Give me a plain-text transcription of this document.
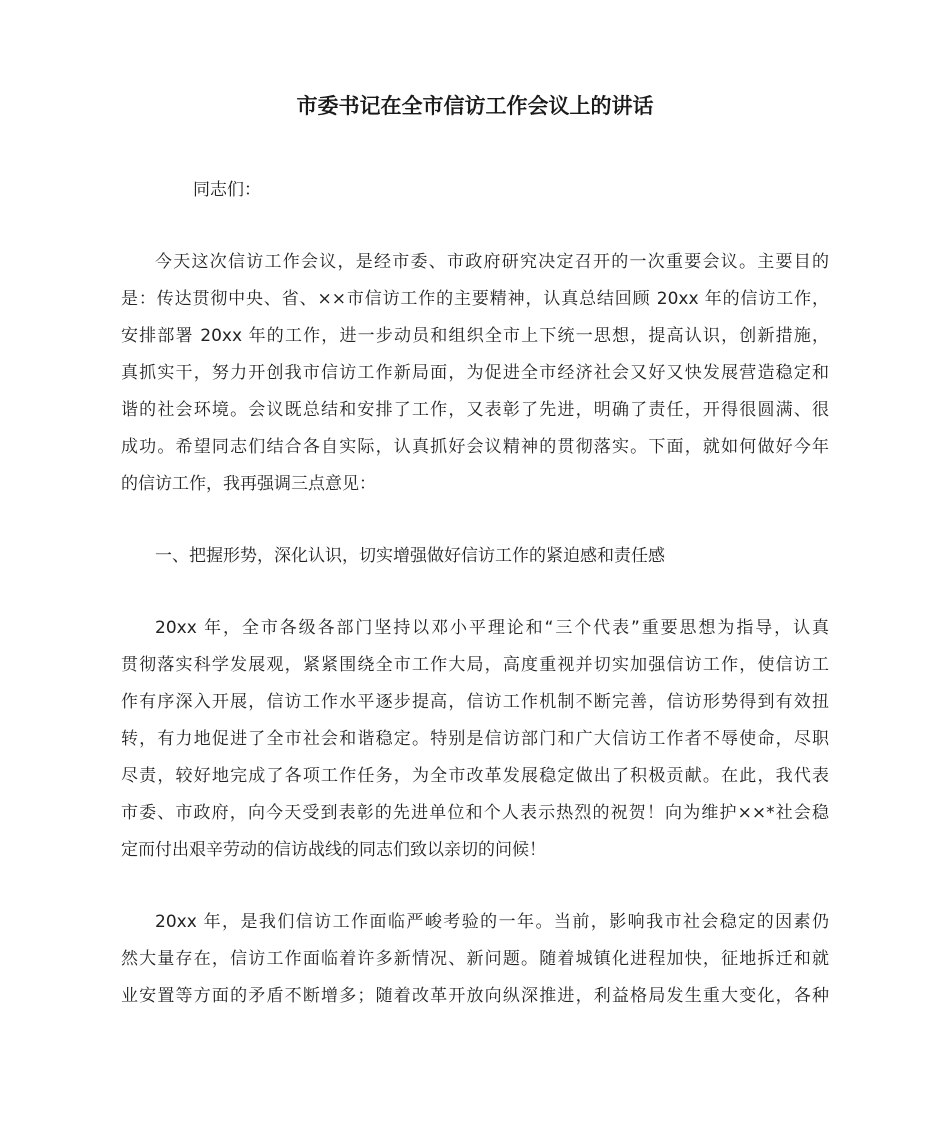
市委书记在全市信访工作会议上的讲话
同志们：
今天这次信访工作会议，是经市委、市政府研究决定召开的一次重要会议。主要目的
是：传达贯彻中央、省、××市信访工作的主要精神，认真总结回顾 20xx 年的信访工作，
安排部署 20xx 年的工作，进一步动员和组织全市上下统一思想，提高认识，创新措施，
真抓实干，努力开创我市信访工作新局面，为促进全市经济社会又好又快发展营造稳定和
谐的社会环境。会议既总结和安排了工作，又表彰了先进，明确了责任，开得很圆满、很
成功。希望同志们结合各自实际，认真抓好会议精神的贯彻落实。下面，就如何做好今年
的信访工作，我再强调三点意见：
一、把握形势，深化认识，切实增强做好信访工作的紧迫感和责任感
20xx 年，全市各级各部门坚持以邓小平理论和“三个代表”重要思想为指导，认真
贯彻落实科学发展观，紧紧围绕全市工作大局，高度重视并切实加强信访工作，使信访工
作有序深入开展，信访工作水平逐步提高，信访工作机制不断完善，信访形势得到有效扭
转，有力地促进了全市社会和谐稳定。特别是信访部门和广大信访工作者不辱使命，尽职
尽责，较好地完成了各项工作任务，为全市改革发展稳定做出了积极贡献。在此，我代表
市委、市政府，向今天受到表彰的先进单位和个人表示热烈的祝贺！向为维护××*社会稳
定而付出艰辛劳动的信访战线的同志们致以亲切的问候！
20xx 年，是我们信访工作面临严峻考验的一年。当前，影响我市社会稳定的因素仍
然大量存在，信访工作面临着许多新情况、新问题。随着城镇化进程加快，征地拆迁和就
业安置等方面的矛盾不断增多；随着改革开放向纵深推进，利益格局发生重大变化，各种
